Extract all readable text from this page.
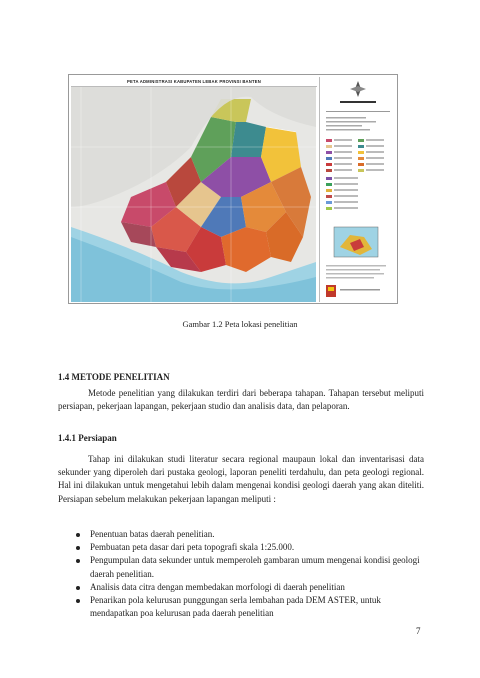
PETA ADMINISTRASI KABUPATEN LEBAK PROVINSI BANTEN
Gambar 1.2 Peta lokasi penelitian
1.4 METODE PENELITIAN

Metode penelitian yang dilakukan terdiri dari beberapa tahapan. Tahapan tersebut meliputi persiapan, pekerjaan lapangan, pekerjaan studio dan analisis data, dan pelaporan.

1.4.1 Persiapan

Tahap ini dilakukan studi literatur secara regional maupaun lokal dan inventarisasi data sekunder yang diperoleh dari pustaka geologi, laporan peneliti terdahulu, dan peta geologi regional. Hal ini dilakukan untuk mengetahui lebih dalam mengenai kondisi geologi daerah yang akan diteliti. Persiapan sebelum melakukan pekerjaan lapangan meliputi :

Penentuan batas daerah penelitian.
Pembuatan peta dasar dari peta topografi skala 1:25.000.
Pengumpulan data sekunder untuk memperoleh gambaran umum mengenai kondisi geologi daerah penelitian.
Analisis data citra dengan membedakan morfologi di daerah penelitian
Penarikan pola kelurusan punggungan serla lembahan pada DEM ASTER, untuk mendapatkan poa kelurusan pada daerah penelitian
7
